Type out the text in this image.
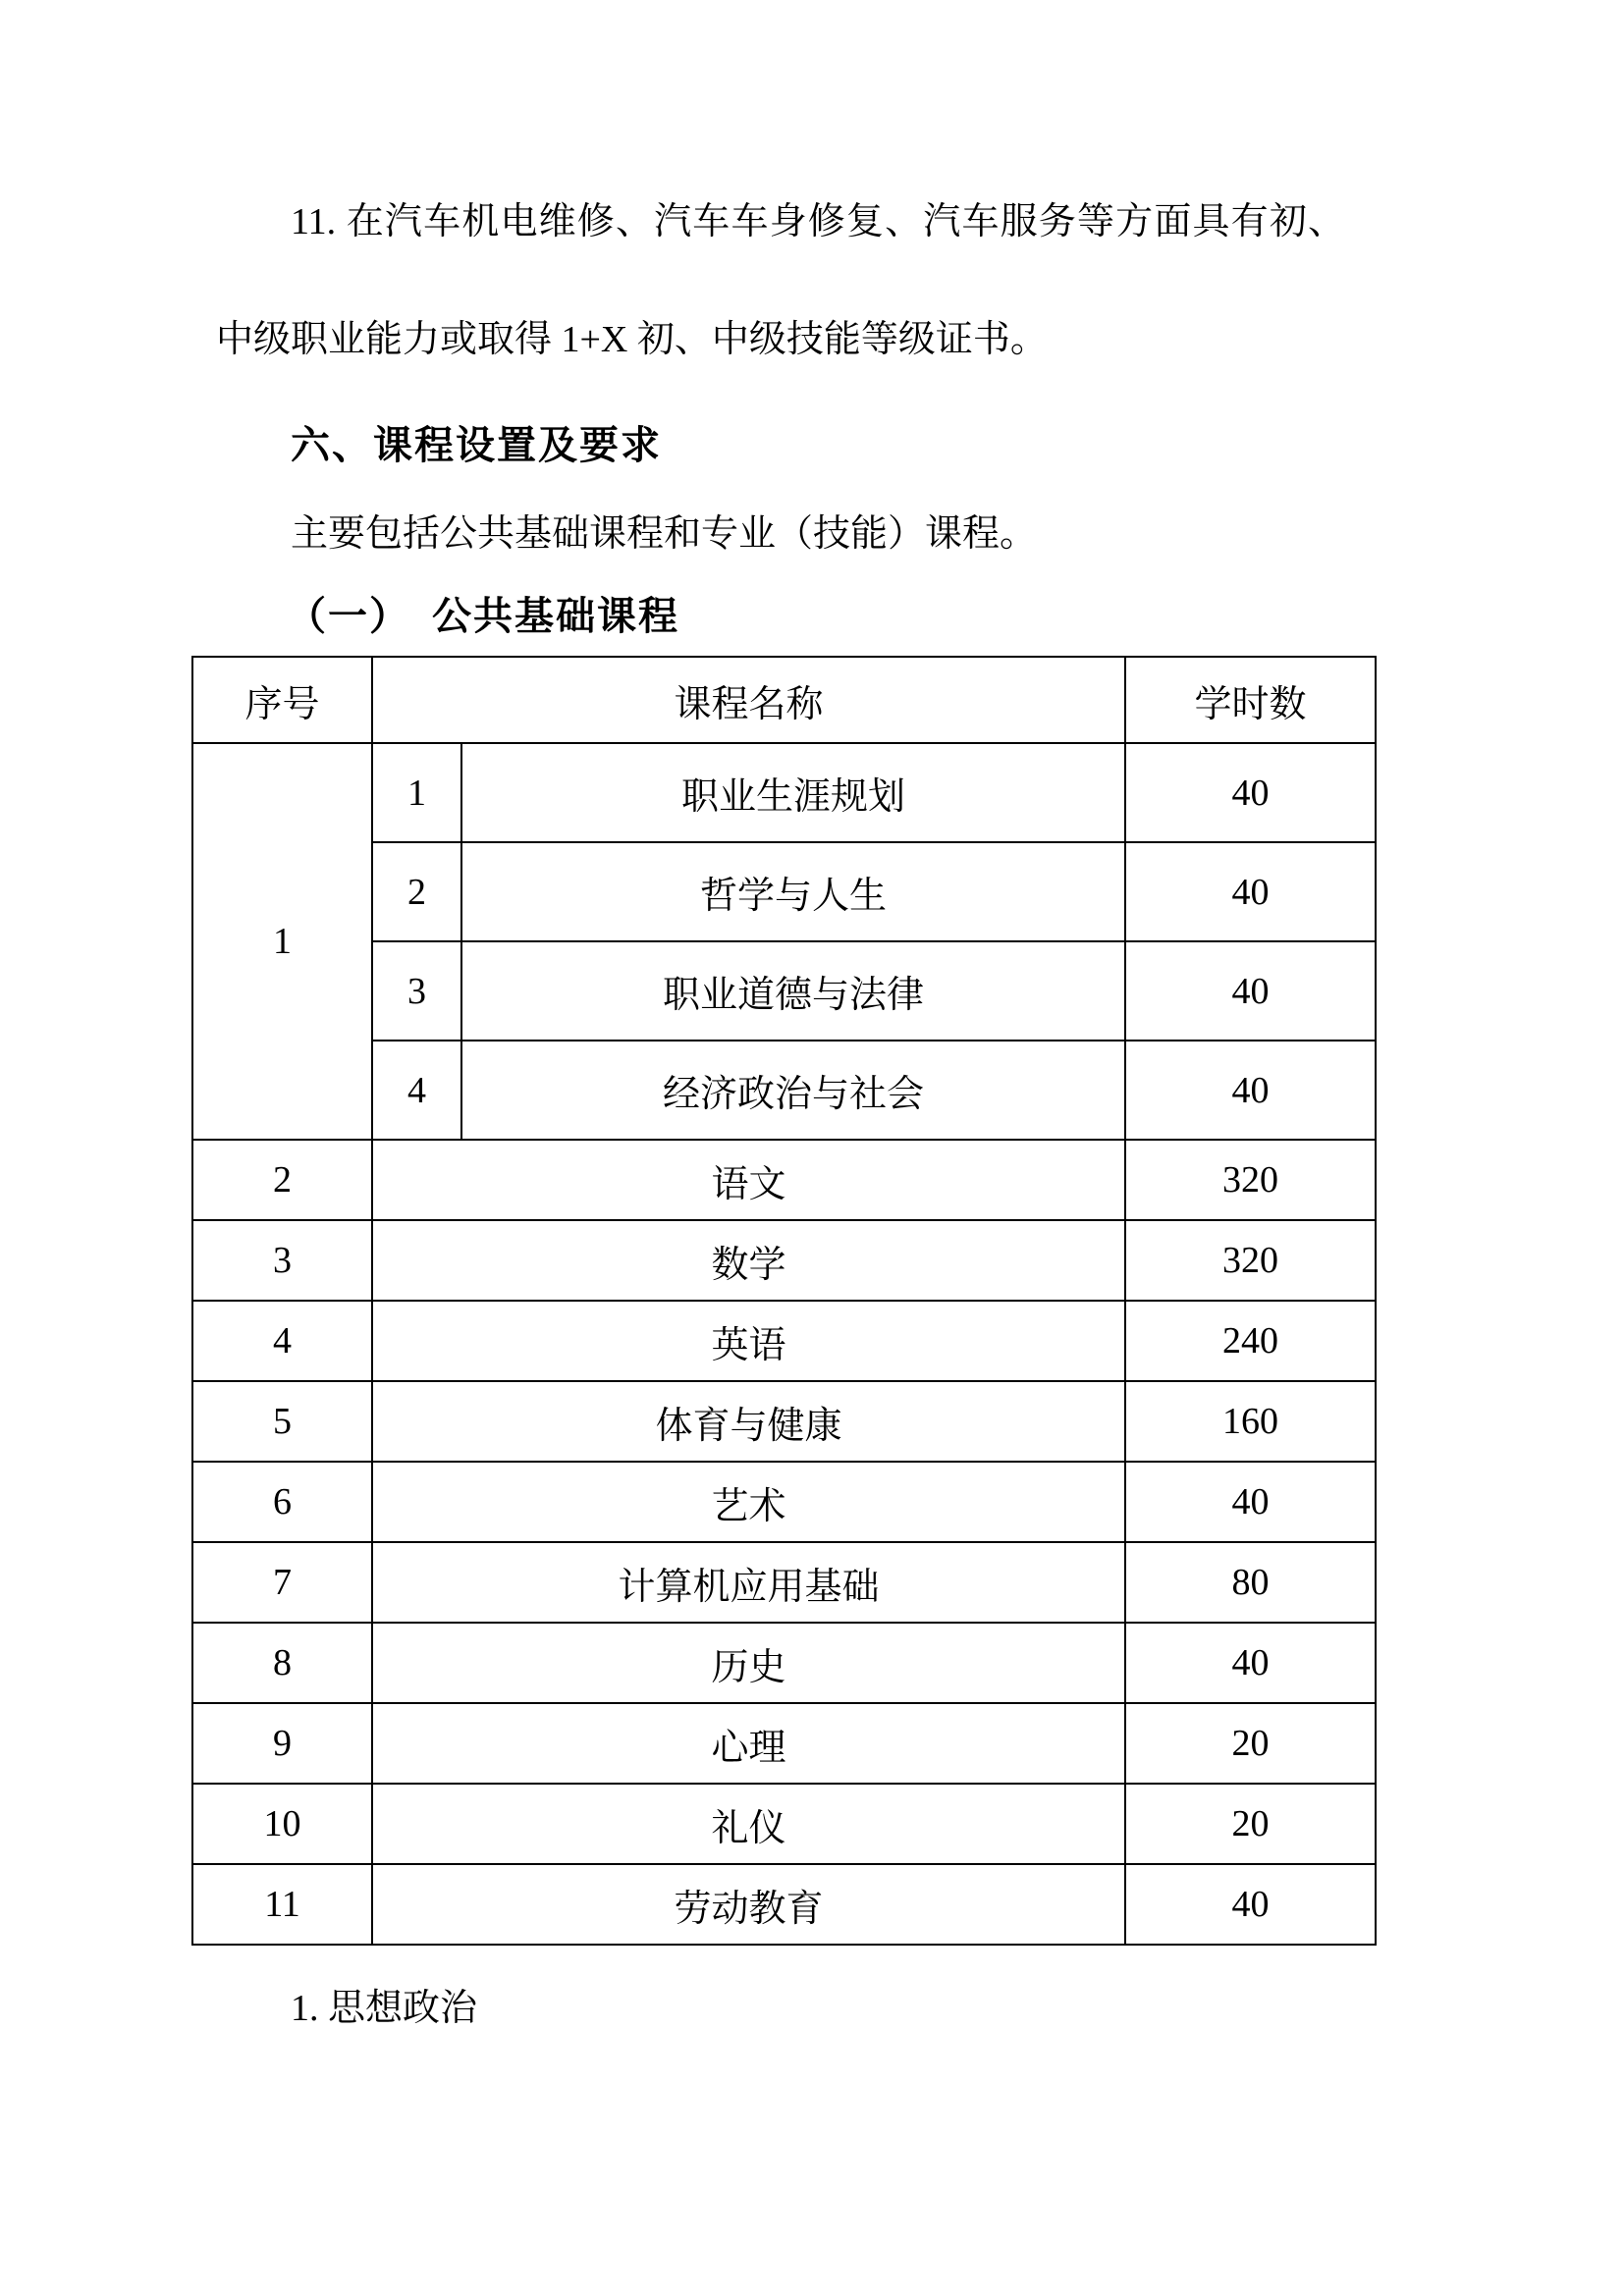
11. 在汽车机电维修、汽车车身修复、汽车服务等方面具有初、中级职业能力或取得 1+X 初、中级技能等级证书。

六、课程设置及要求
主要包括公共基础课程和专业（技能）课程。
（一）　公共基础课程
序号	课程名称		学时数
1	1	职业生涯规划	40
	2	哲学与人生	40
	3	职业道德与法律	40
	4	经济政治与社会	40
2	语文		320
3	数学		320
4	英语		240
5	体育与健康		160
6	艺术		40
7	计算机应用基础		80
8	历史		40
9	心理		20
10	礼仪		20
11	劳动教育		40
1. 思想政治
